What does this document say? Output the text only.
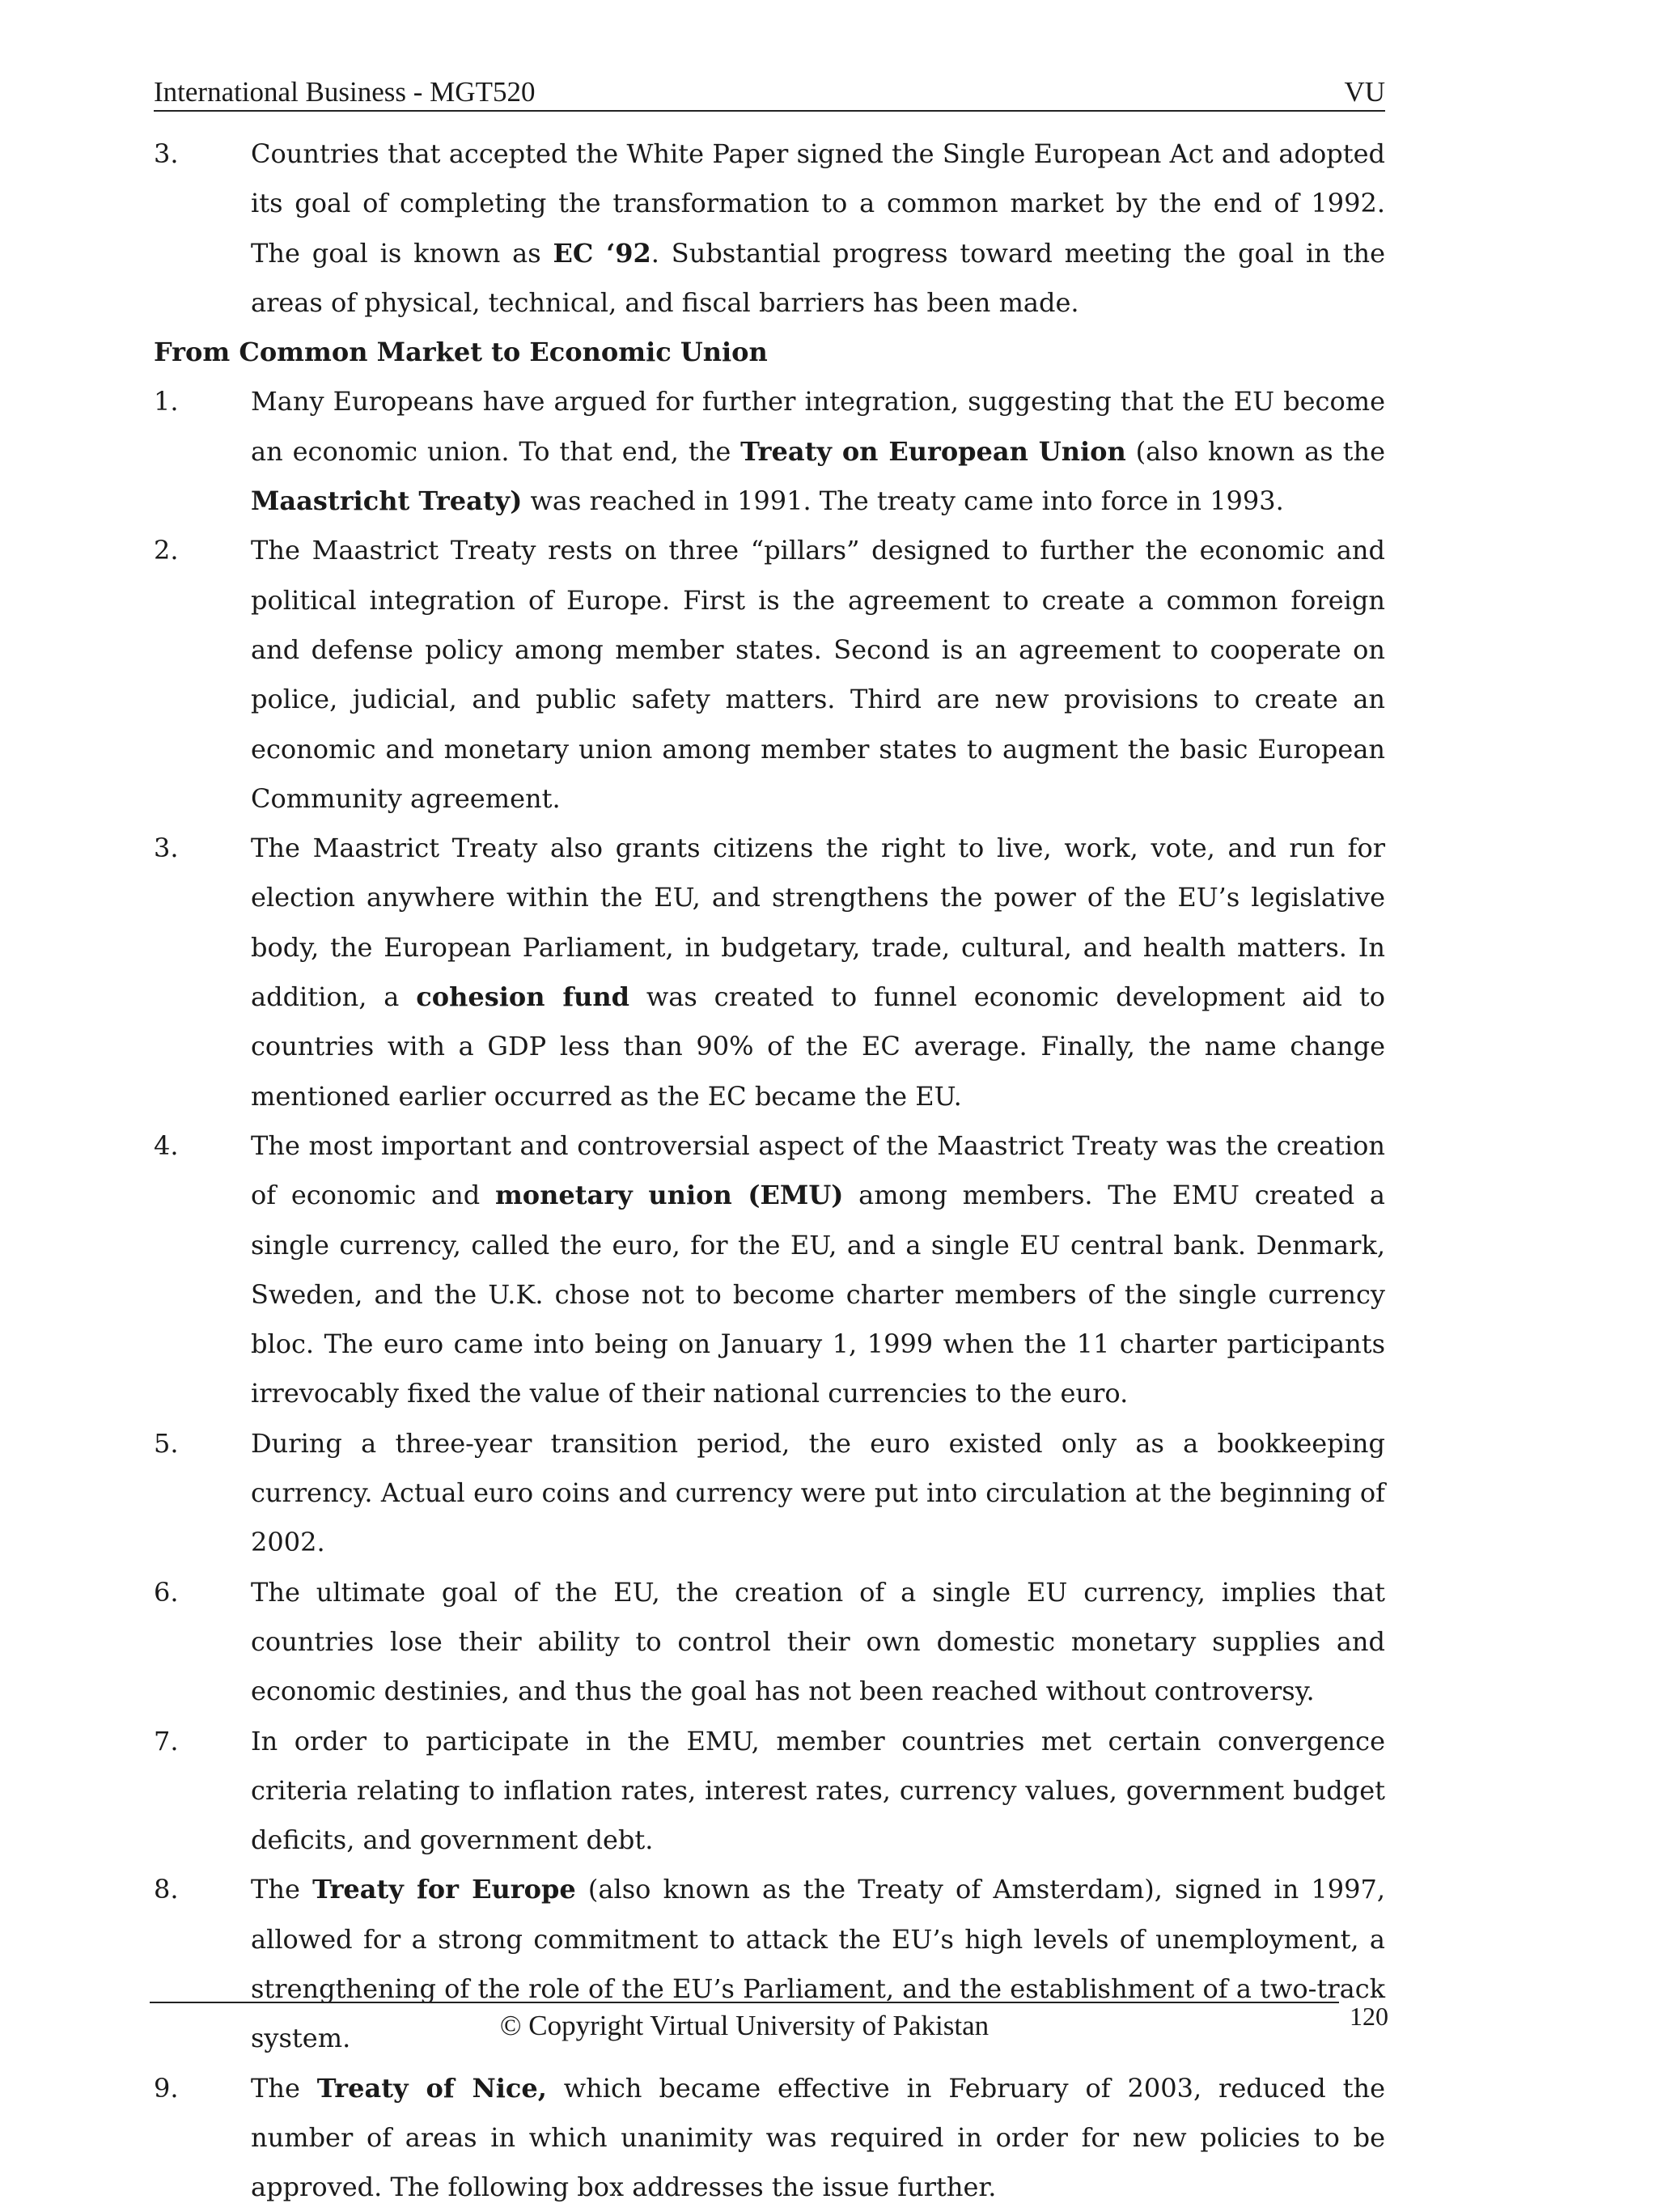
International Business - MGT520	VU
3.	Countries that accepted the White Paper signed the Single European Act and adopted its goal of completing the transformation to a common market by the end of 1992. The goal is known as EC ‘92. Substantial progress toward meeting the goal in the areas of physical, technical, and fiscal barriers has been made.
From Common Market to Economic Union
1.	Many Europeans have argued for further integration, suggesting that the EU become an economic union. To that end, the Treaty on European Union (also known as the Maastricht Treaty) was reached in 1991. The treaty came into force in 1993.
2.	The Maastrict Treaty rests on three “pillars” designed to further the economic and political integration of Europe. First is the agreement to create a common foreign and defense policy among member states. Second is an agreement to cooperate on police, judicial, and public safety matters. Third are new provisions to create an economic and monetary union among member states to augment the basic European Community agreement.
3.	The Maastrict Treaty also grants citizens the right to live, work, vote, and run for election anywhere within the EU, and strengthens the power of the EU’s legislative body, the European Parliament, in budgetary, trade, cultural, and health matters. In addition, a cohesion fund was created to funnel economic development aid to countries with a GDP less than 90% of the EC average. Finally, the name change mentioned earlier occurred as the EC became the EU.
4.	The most important and controversial aspect of the Maastrict Treaty was the creation of economic and monetary union (EMU) among members. The EMU created a single currency, called the euro, for the EU, and a single EU central bank. Denmark, Sweden, and the U.K. chose not to become charter members of the single currency bloc. The euro came into being on January 1, 1999 when the 11 charter participants irrevocably fixed the value of their national currencies to the euro.
5.	During a three-year transition period, the euro existed only as a bookkeeping currency. Actual euro coins and currency were put into circulation at the beginning of 2002.
6.	The ultimate goal of the EU, the creation of a single EU currency, implies that countries lose their ability to control their own domestic monetary supplies and economic destinies, and thus the goal has not been reached without controversy.
7.	In order to participate in the EMU, member countries met certain convergence criteria relating to inflation rates, interest rates, currency values, government budget deficits, and government debt.
8.	The Treaty for Europe (also known as the Treaty of Amsterdam), signed in 1997, allowed for a strong commitment to attack the EU’s high levels of unemployment, a strengthening of the role of the EU’s Parliament, and the establishment of a two-track system.
9.	The Treaty of Nice, which became effective in February of 2003, reduced the number of areas in which unanimity was required in order for new policies to be approved. The following box addresses the issue further.
© Copyright Virtual University of Pakistan	120
